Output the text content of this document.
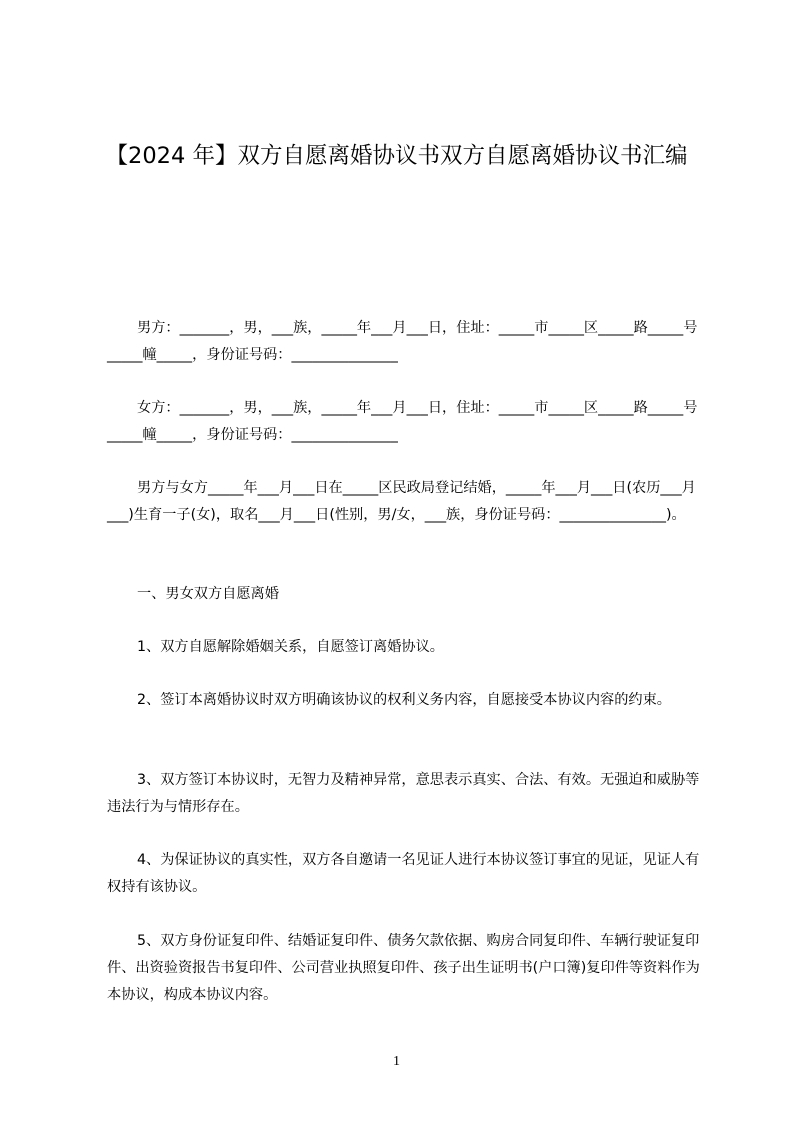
【2024 年】双方自愿离婚协议书双方自愿离婚协议书汇编

男方：_______，男，___族，_____年___月___日，住址：_____市_____区_____路_____号_____幢_____，身份证号码：_______________

女方：_______，男，___族，_____年___月___日，住址：_____市_____区_____路_____号_____幢_____，身份证号码：_______________

男方与女方_____年___月___日在_____区民政局登记结婚，_____年___月___日(农历___月___)生育一子(女)，取名___月___日(性别，男/女，___族，身份证号码：_______________)。

一、男女双方自愿离婚

1、双方自愿解除婚姻关系，自愿签订离婚协议。

2、签订本离婚协议时双方明确该协议的权利义务内容，自愿接受本协议内容的约束。

3、双方签订本协议时，无智力及精神异常，意思表示真实、合法、有效。无强迫和威胁等违法行为与情形存在。

4、为保证协议的真实性，双方各自邀请一名见证人进行本协议签订事宜的见证，见证人有权持有该协议。

5、双方身份证复印件、结婚证复印件、债务欠款依据、购房合同复印件、车辆行驶证复印件、出资验资报告书复印件、公司营业执照复印件、孩子出生证明书(户口簿)复印件等资料作为本协议，构成本协议内容。

1
